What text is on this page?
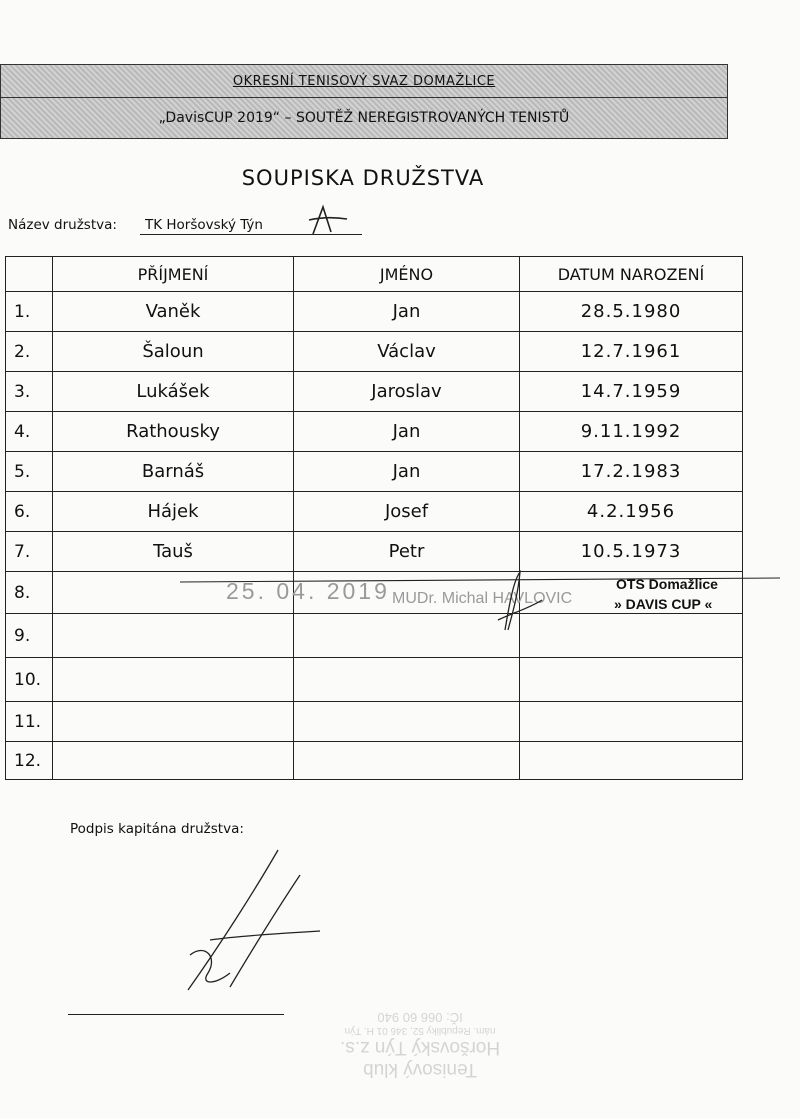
OKRESNÍ TENISOVÝ SVAZ DOMAŽLICE
„DavisCUP 2019“ – SOUTĚŽ NEREGISTROVANÝCH TENISTŮ
SOUPISKA DRUŽSTVA
Název družstva: TK Horšovský Týn
	PŘÍJMENÍ	JMÉNO	DATUM NAROZENÍ
1.	Vaněk	Jan	28.5.1980
2.	Šaloun	Václav	12.7.1961
3.	Lukášek	Jaroslav	14.7.1959
4.	Rathousky	Jan	9.11.1992
5.	Barnáš	Jan	17.2.1983
6.	Hájek	Josef	4.2.1956
7.	Tauš	Petr	10.5.1973
8.			
9.			
10.			
11.			
12.			
25. 04. 2019 MUDr. Michal HAVLOVIC
OTS Domažlice
» DAVIS CUP «
Podpis kapitána družstva:
Tenisový klub
Horšovský Týn z.s.
nám. Republiky 52, 346 01 H. Týn
IČ: 066 60 940
